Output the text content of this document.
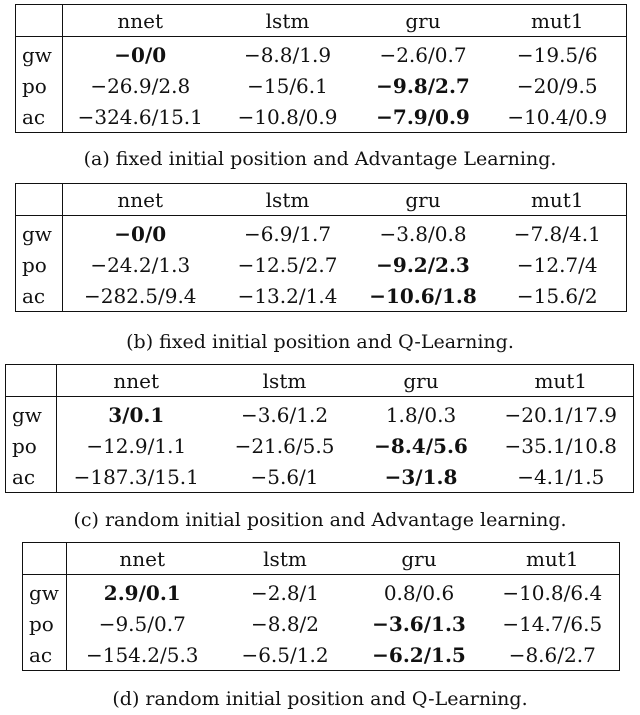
	nnet	lstm	gru	mut1
gw	−0/0	−8.8/1.9	−2.6/0.7	−19.5/6
po	−26.9/2.8	−15/6.1	−9.8/2.7	−20/9.5
ac	−324.6/15.1	−10.8/0.9	−7.9/0.9	−10.4/0.9
(a) fixed initial position and Advantage Learning.
	nnet	lstm	gru	mut1
gw	−0/0	−6.9/1.7	−3.8/0.8	−7.8/4.1
po	−24.2/1.3	−12.5/2.7	−9.2/2.3	−12.7/4
ac	−282.5/9.4	−13.2/1.4	−10.6/1.8	−15.6/2
(b) fixed initial position and Q-Learning.
	nnet	lstm	gru	mut1
gw	3/0.1	−3.6/1.2	1.8/0.3	−20.1/17.9
po	−12.9/1.1	−21.6/5.5	−8.4/5.6	−35.1/10.8
ac	−187.3/15.1	−5.6/1	−3/1.8	−4.1/1.5
(c) random initial position and Advantage learning.
	nnet	lstm	gru	mut1
gw	2.9/0.1	−2.8/1	0.8/0.6	−10.8/6.4
po	−9.5/0.7	−8.8/2	−3.6/1.3	−14.7/6.5
ac	−154.2/5.3	−6.5/1.2	−6.2/1.5	−8.6/2.7
(d) random initial position and Q-Learning.
